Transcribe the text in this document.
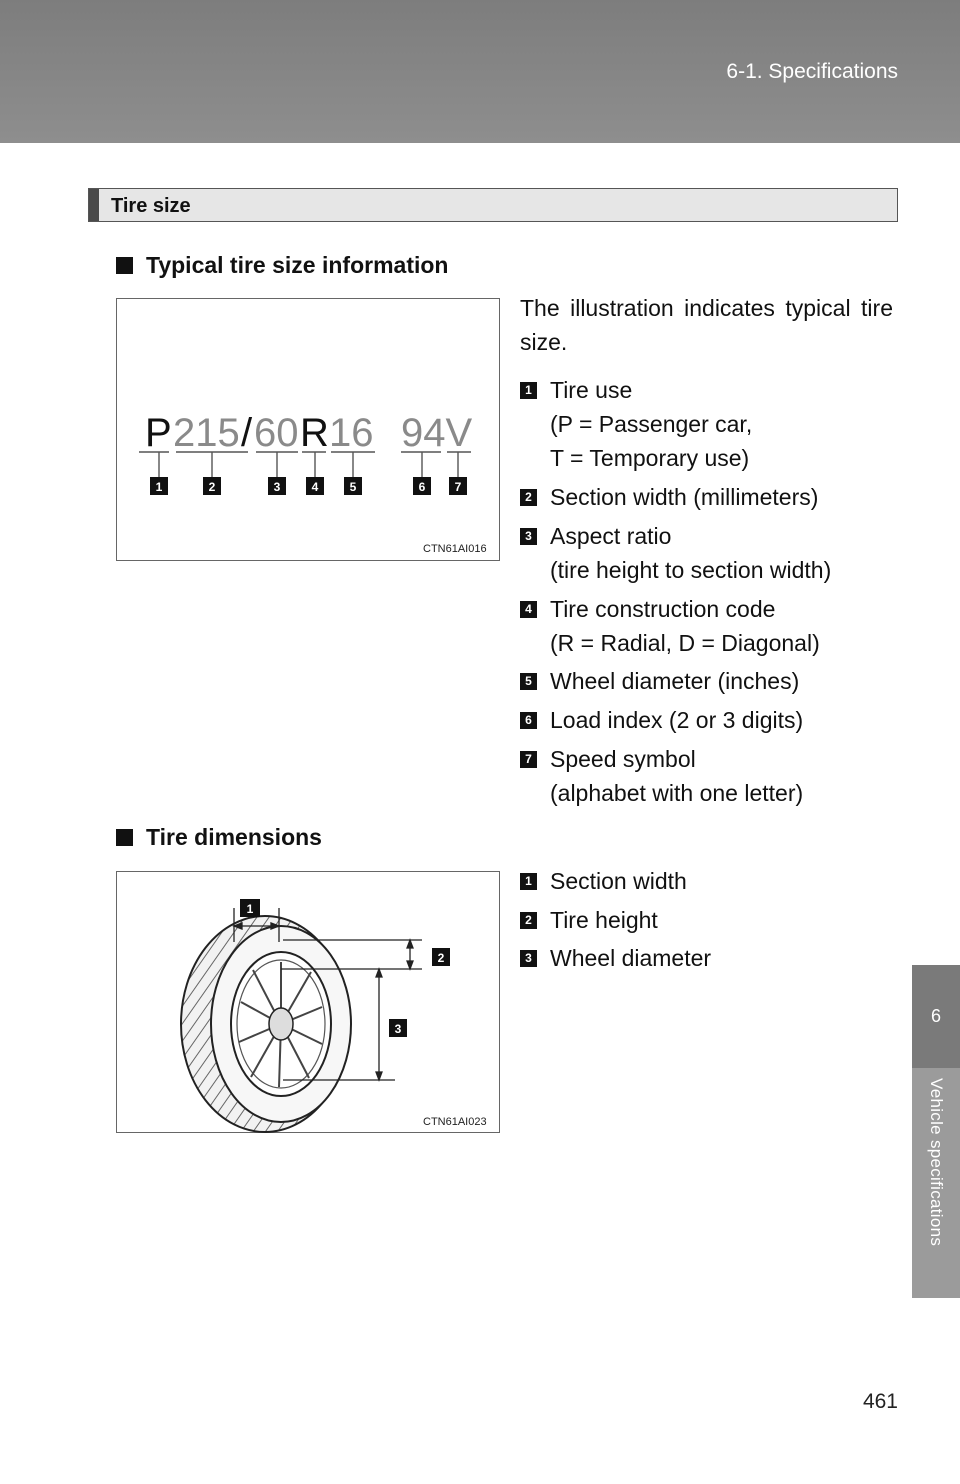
6-1. Specifications
6
Vehicle specifications
Tire size
Typical tire size information
P 215 / 60 R 16 94V
1	2	3	4	5	6 7
CTN61AI016
The illustration indicates typical tire size.
1 Tire use
(P = Passenger car,
T = Temporary use)
2 Section width (millimeters)
3 Aspect ratio
(tire height to section width)
4 Tire construction code
(R = Radial, D = Diagonal)
5 Wheel diameter (inches)
6 Load index (2 or 3 digits)
7 Speed symbol
(alphabet with one letter)
Tire dimensions
1
2
3
CTN61AI023
1 Section width
2 Tire height
3 Wheel diameter
461
